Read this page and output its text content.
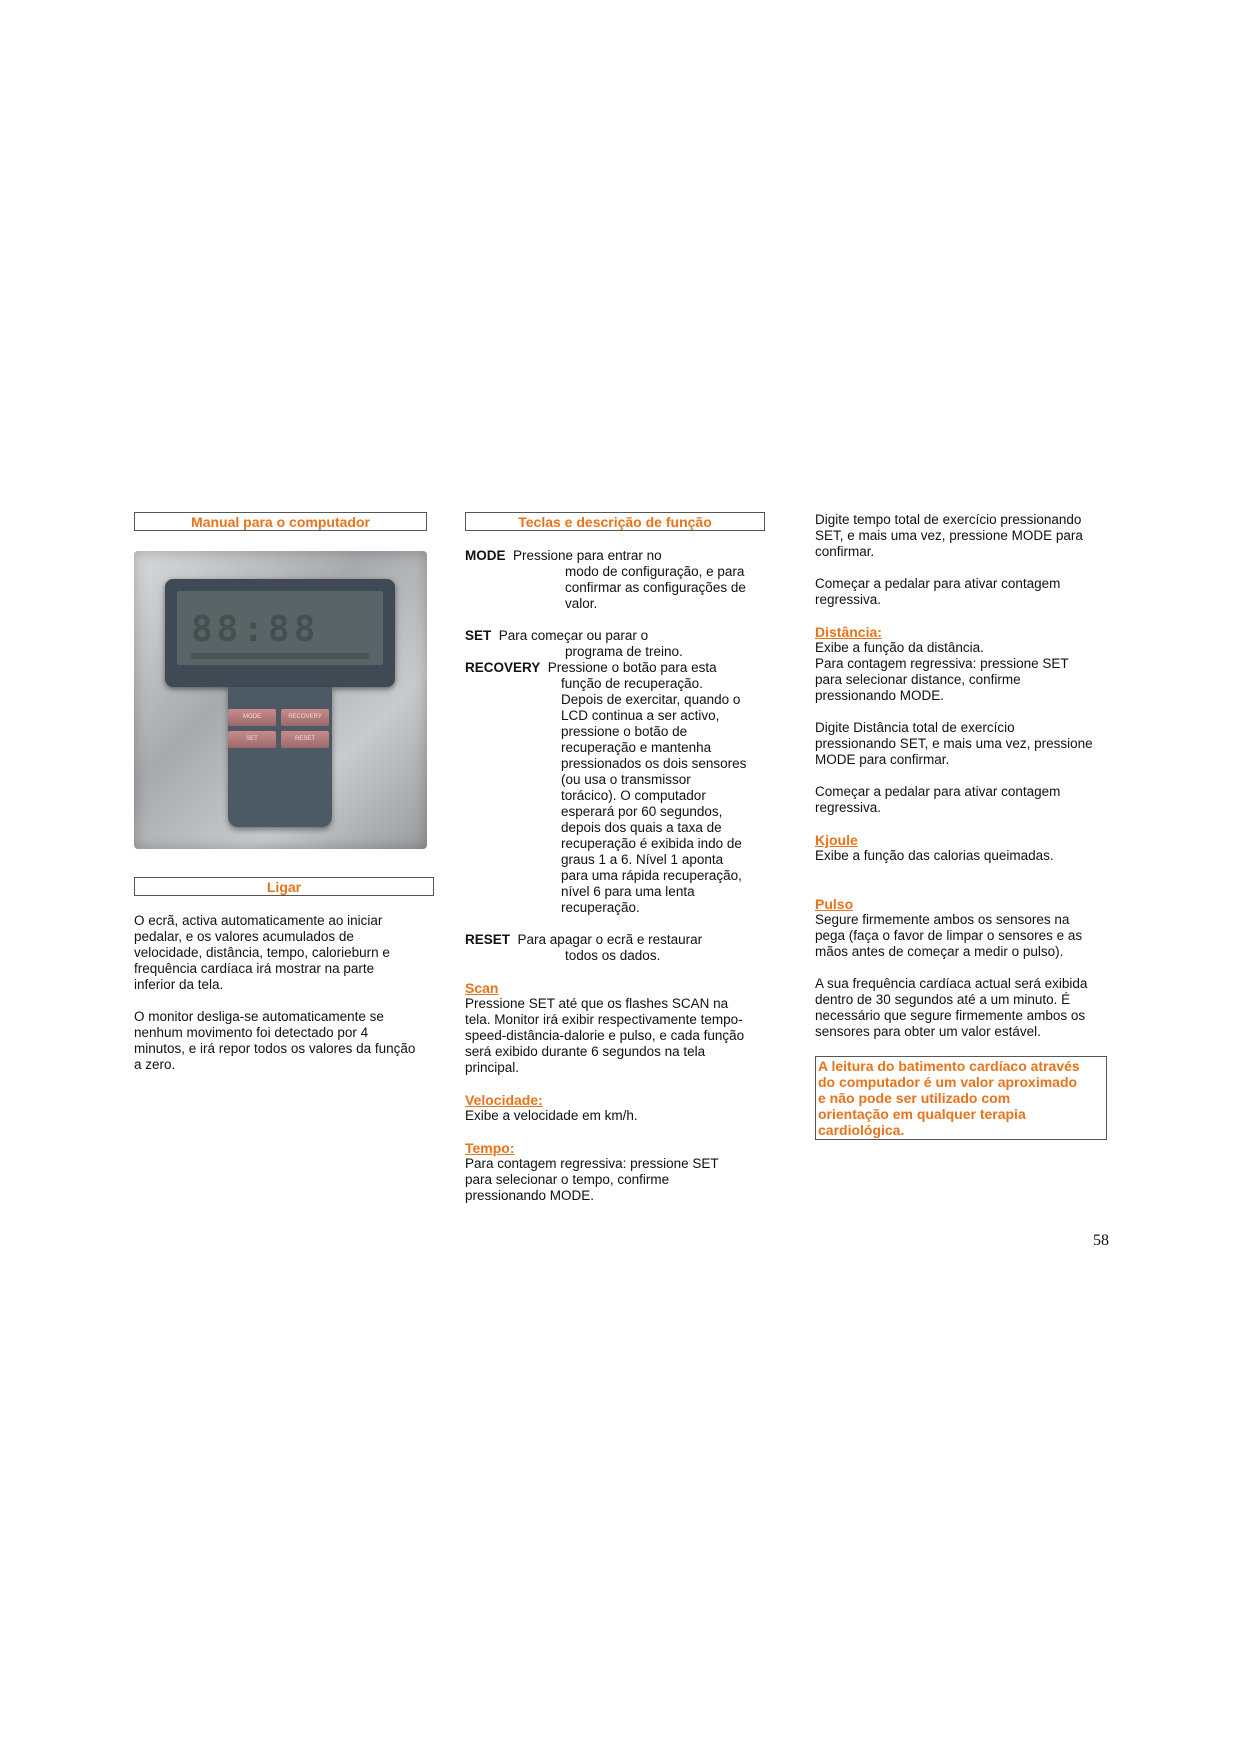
Manual para o computador
88:88
MODE	RECOVERY
SET	RESET
Ligar

O ecrã, activa automaticamente ao iniciar

pedalar, e os valores acumulados de

velocidade, distância, tempo, calorieburn e

frequência cardíaca irá mostrar na parte

inferior da tela.

O monitor desliga-se automaticamente se

nenhum movimento foi detectado por 4

minutos, e irá repor todos os valores da função

a zero.

Teclas e descrição de função

MODE Pressione para entrar no

modo de configuração, e para

confirmar as configurações de

valor.

SET Para começar ou parar o

programa de treino.

RECOVERY Pressione o botão para esta

função de recuperação.

Depois de exercitar, quando o

LCD continua a ser activo,

pressione o botão de

recuperação e mantenha

pressionados os dois sensores

(ou usa o transmissor

torácico). O computador

esperará por 60 segundos,

depois dos quais a taxa de

recuperação é exibida indo de

graus 1 a 6. Nível 1 aponta

para uma rápida recuperação,

nível 6 para uma lenta

recuperação.

RESET Para apagar o ecrã e restaurar

todos os dados.

Scan

Pressione SET até que os flashes SCAN na

tela. Monitor irá exibir respectivamente tempo-

speed-distância-dalorie e pulso, e cada função

será exibido durante 6 segundos na tela

principal.

Velocidade:

Exibe a velocidade em km/h.

Tempo:

Para contagem regressiva: pressione SET

para selecionar o tempo, confirme

pressionando MODE.

Digite tempo total de exercício pressionando

SET, e mais uma vez, pressione MODE para

confirmar.

Começar a pedalar para ativar contagem

regressiva.

Distância:

Exibe a função da distância.

Para contagem regressiva: pressione SET

para selecionar distance, confirme

pressionando MODE.

Digite Distância total de exercício

pressionando SET, e mais uma vez, pressione

MODE para confirmar.

Começar a pedalar para ativar contagem

regressiva.

Kjoule

Exibe a função das calorias queimadas.

Pulso

Segure firmemente ambos os sensores na

pega (faça o favor de limpar o sensores e as

mãos antes de começar a medir o pulso).

A sua frequência cardíaca actual será exibida

dentro de 30 segundos até a um minuto. É

necessário que segure firmemente ambos os

sensores para obter um valor estável.

A leitura do batimento cardíaco através

do computador é um valor aproximado

e não pode ser utilizado com

orientação em qualquer terapia

cardiológica.

58
